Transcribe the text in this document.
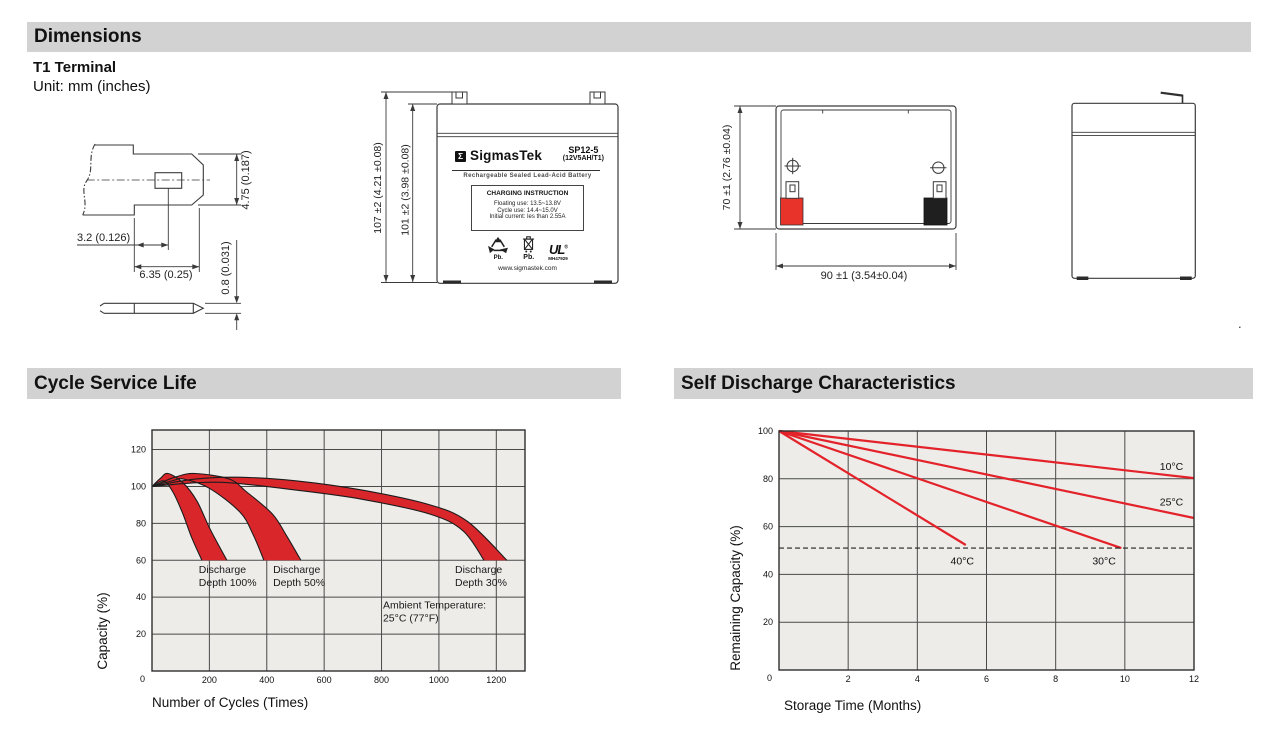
Dimensions
T1 Terminal
Unit: mm (inches)
4.75 (0.187)
3.2 (0.126)
6.35 (0.25) 0.8 (0.031)
107 ±2 (4.21 ±0.08) 101 ±2 (3.98 ±0.08)	Σ SigmasTek	SP12-5
(12V5AH/T1)
Rechargeable Sealed Lead-Acid Battery
CHARGING INSTRUCTION
Floating use: 13.5~13.8V
Cycle use: 14.4~15.0V
Initial current: les than 2.55A
Pb.	Pb.
UL®
MH47929
www.sigmastek.com
70 ±1 (2.76 ±0.04)
90 ±1 (3.54±0.04)
.
Cycle Service Life	Self Discharge Characteristics
Discharge
Depth 100%
Discharge
Depth 50%
Discharge
Depth 30%
Ambient Temperature:
25°C (77°F)
200	400	600	800	1000	1200
20
40
60
80
100
120
0
Number of Cycles (Times)
Capacity (%)
10°C
25°C
30°C
40°C
2	4	6	8	10	12
20
40
60
80
100
0
Storage Time (Months)
Remaining Capacity (%)
